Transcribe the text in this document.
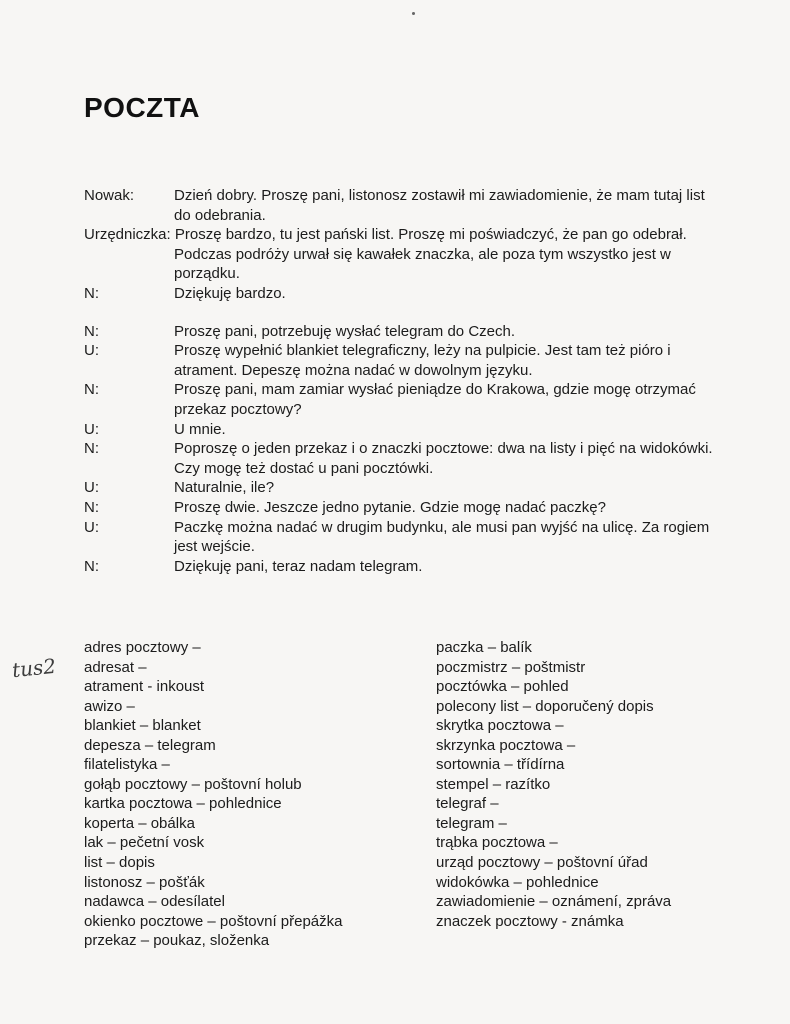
POCZTA
Nowak:	Dzień dobry. Proszę pani, listonosz zostawił mi zawiadomienie, że mam tutaj list do odebrania.
Urzędniczka: Proszę bardzo, tu jest pański list. Proszę mi poświadczyć, że pan go odebrał. Podczas podróży urwał się kawałek znaczka, ale poza tym wszystko jest w porządku.
N:	Dziękuję bardzo.
N:	Proszę pani, potrzebuję wysłać telegram do Czech.
U:	Proszę wypełnić blankiet telegraficzny, leży na pulpicie. Jest tam też pióro i atrament. Depeszę można nadać w dowolnym języku.
N:	Proszę pani, mam zamiar wysłać pieniądze do Krakowa, gdzie mogę otrzymać przekaz pocztowy?
U:	U mnie.
N:	Poproszę o jeden przekaz i o znaczki pocztowe: dwa na listy i pięć na widokówki. Czy mogę też dostać u pani pocztówki.
U:	Naturalnie, ile?
N:	Proszę dwie. Jeszcze jedno pytanie. Gdzie mogę nadać paczkę?
U:	Paczkę można nadać w drugim budynku, ale musi pan wyjść na ulicę. Za rogiem jest wejście.
N:	Dziękuję pani, teraz nadam telegram.
tus2
adres pocztowy –
adresat –
atrament - inkoust
awizo –
blankiet – blanket
depesza – telegram
filatelistyka –
gołąb pocztowy – poštovní holub
kartka pocztowa – pohlednice
koperta – obálka
lak – pečetní vosk
list – dopis
listonosz – pošťák
nadawca – odesílatel
okienko pocztowe – poštovní přepážka
przekaz – poukaz, složenka
paczka – balík
poczmistrz – poštmistr
pocztówka – pohled
polecony list – doporučený dopis
skrytka pocztowa –
skrzynka pocztowa –
sortownia – třídírna
stempel – razítko
telegraf –
telegram –
trąbka pocztowa –
urząd pocztowy – poštovní úřad
widokówka – pohlednice
zawiadomienie – oznámení, zpráva
znaczek pocztowy - známka
